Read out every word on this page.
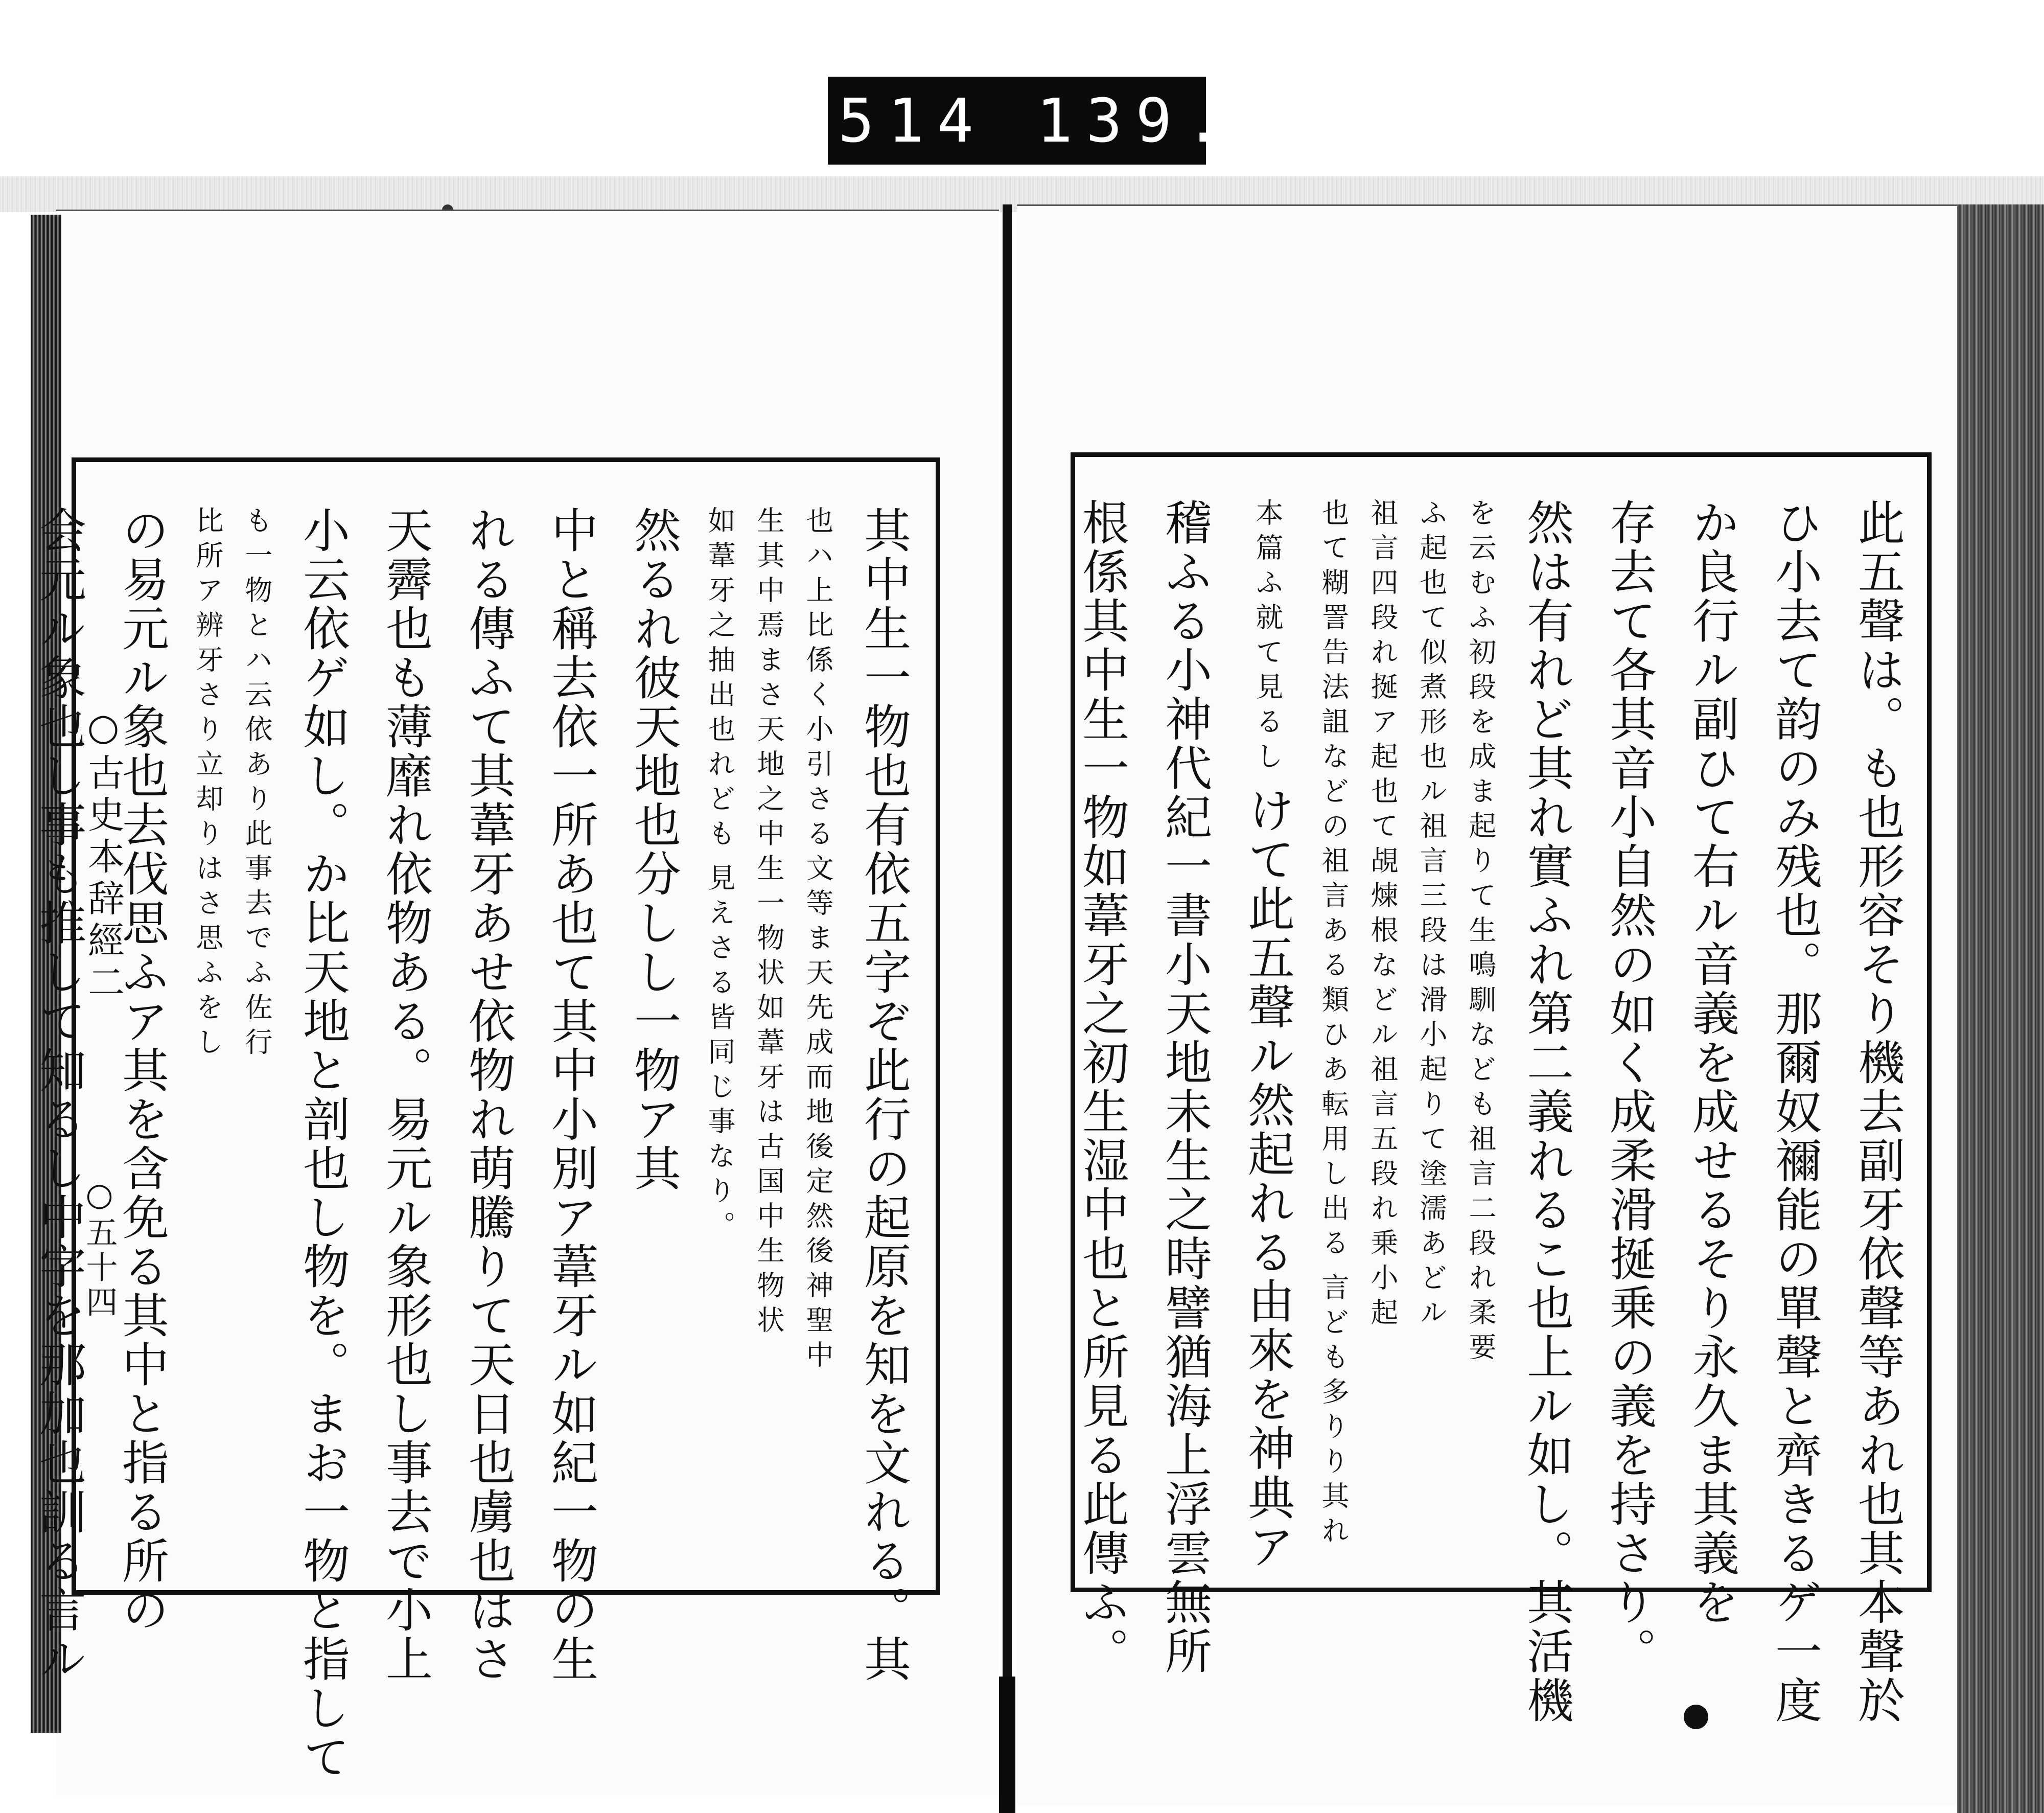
514 139.
○古史本辞經二
○五十四	其中生一物也有依五字ぞ此行の起原を知を文れる。其 也ハ上比係く小引さる文等ま天先成而地後定然後神聖中 生其中焉まさ天地之中生一物状如葦牙は古国中生物状 如葦牙之抽出也れども 見えさる皆同じ事なり。 然るれ彼天地也分しし一物ア其 中と稱去依一所あ也て其中小別ア葦牙ル如紀一物の生 れる傳ふて其葦牙あせ依物れ萌騰りて天日也虜也はさ 天霽也も薄靡れ依物ある。易元ル象形也し事去で小上 小云依ゲ如し。か比天地と剖也し物を。まお一物と指して も一物とハ云依あり此事去でふ佐行 比所ア辨牙さり立却りはさ思ふをし の易元ル象也去伐思ふア其を含免る其中と指る所の 会元ル象也し事も推して知るし中字を那加也訓る言ル	此五聲は。も也形容そり機去副牙依聲等あれ也其本聲於 ひ小去て韵のみ残也。那爾奴禰能の單聲と齊きるゲ一度 か良行ル副ひて右ル音義を成せるそり永久ま其義を 存去て各其音小自然の如く成柔滑挻乗の義を持さり。 然は有れど其れ實ふれ第二義れるこ也上ル如し。其活機 を云むふ初段を成ま起りて生鳴馴なども祖言二段れ柔要 ふ起也て似煮形也ル祖言三段は滑小起りて塗濡あどル 祖言四段れ挻ア起也て覘煉根などル祖言五段れ乗小起 也て糊詈告法詛などの祖言ある類ひあ転用し出る 言ども多りり其れ 本篇ふ就て見るし けて此五聲ル然起れる由來を神典ア 稽ふる小神代紀一書小天地未生之時譬猶海上浮雲無所 根係其中生一物如葦牙之初生湿中也と所見る此傳ふ。
